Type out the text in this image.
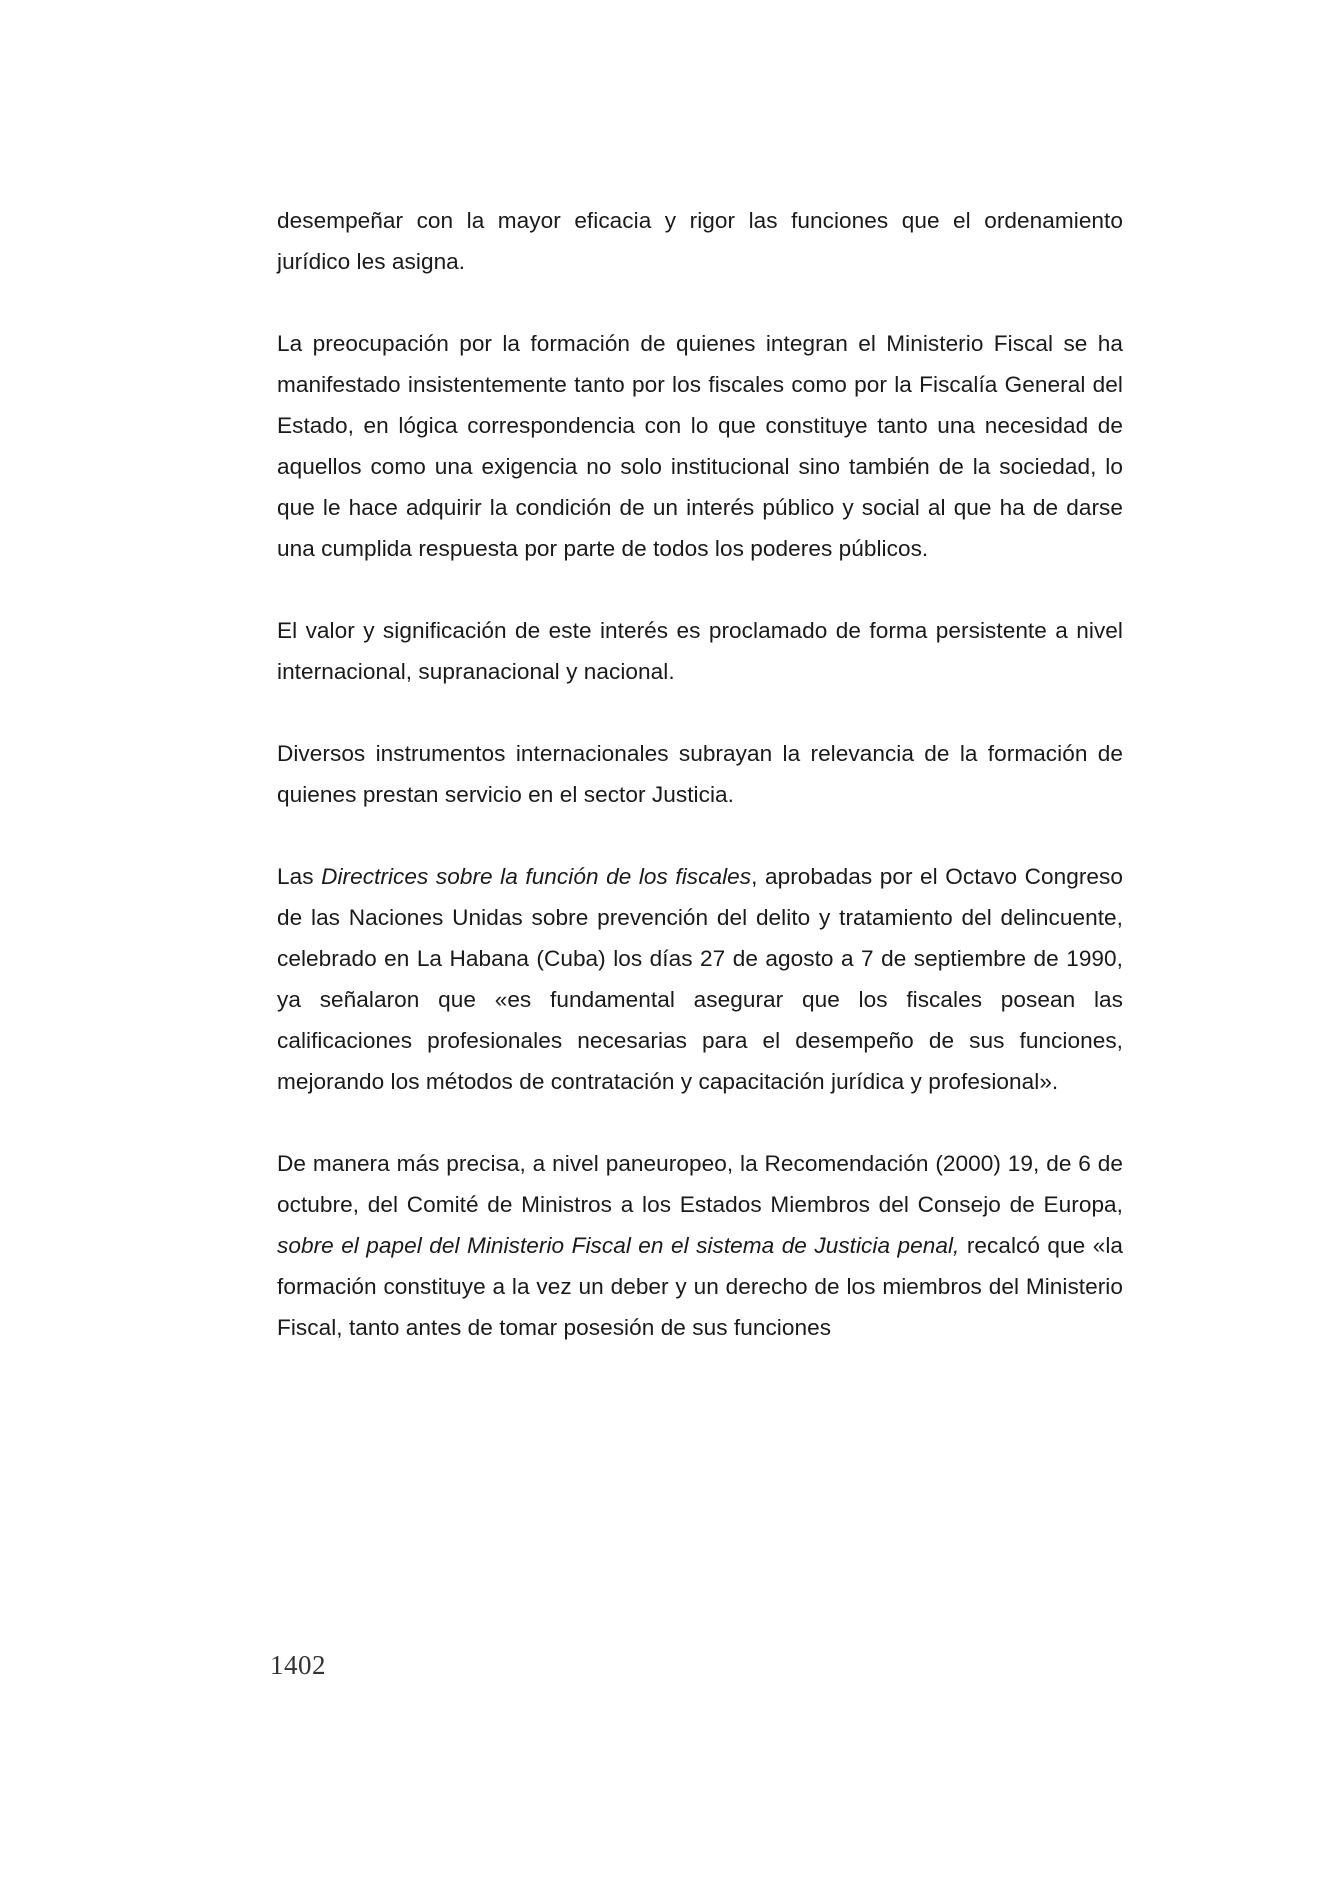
desempeñar con la mayor eficacia y rigor las funciones que el ordenamiento jurídico les asigna.

La preocupación por la formación de quienes integran el Ministerio Fiscal se ha manifestado insistentemente tanto por los fiscales como por la Fiscalía General del Estado, en lógica correspondencia con lo que constituye tanto una necesidad de aquellos como una exigencia no solo institucional sino también de la sociedad, lo que le hace adquirir la condición de un interés público y social al que ha de darse una cumplida respuesta por parte de todos los poderes públicos.

El valor y significación de este interés es proclamado de forma persistente a nivel internacional, supranacional y nacional.

Diversos instrumentos internacionales subrayan la relevancia de la formación de quienes prestan servicio en el sector Justicia.

Las Directrices sobre la función de los fiscales, aprobadas por el Octavo Congreso de las Naciones Unidas sobre prevención del delito y tratamiento del delincuente, celebrado en La Habana (Cuba) los días 27 de agosto a 7 de septiembre de 1990, ya señalaron que «es fundamental asegurar que los fiscales posean las calificaciones profesionales necesarias para el desempeño de sus funciones, mejorando los métodos de contratación y capacitación jurídica y profesional».

De manera más precisa, a nivel paneuropeo, la Recomendación (2000) 19, de 6 de octubre, del Comité de Ministros a los Estados Miembros del Consejo de Europa, sobre el papel del Ministerio Fiscal en el sistema de Justicia penal, recalcó que «la formación constituye a la vez un deber y un derecho de los miembros del Ministerio Fiscal, tanto antes de tomar posesión de sus funciones

1402
